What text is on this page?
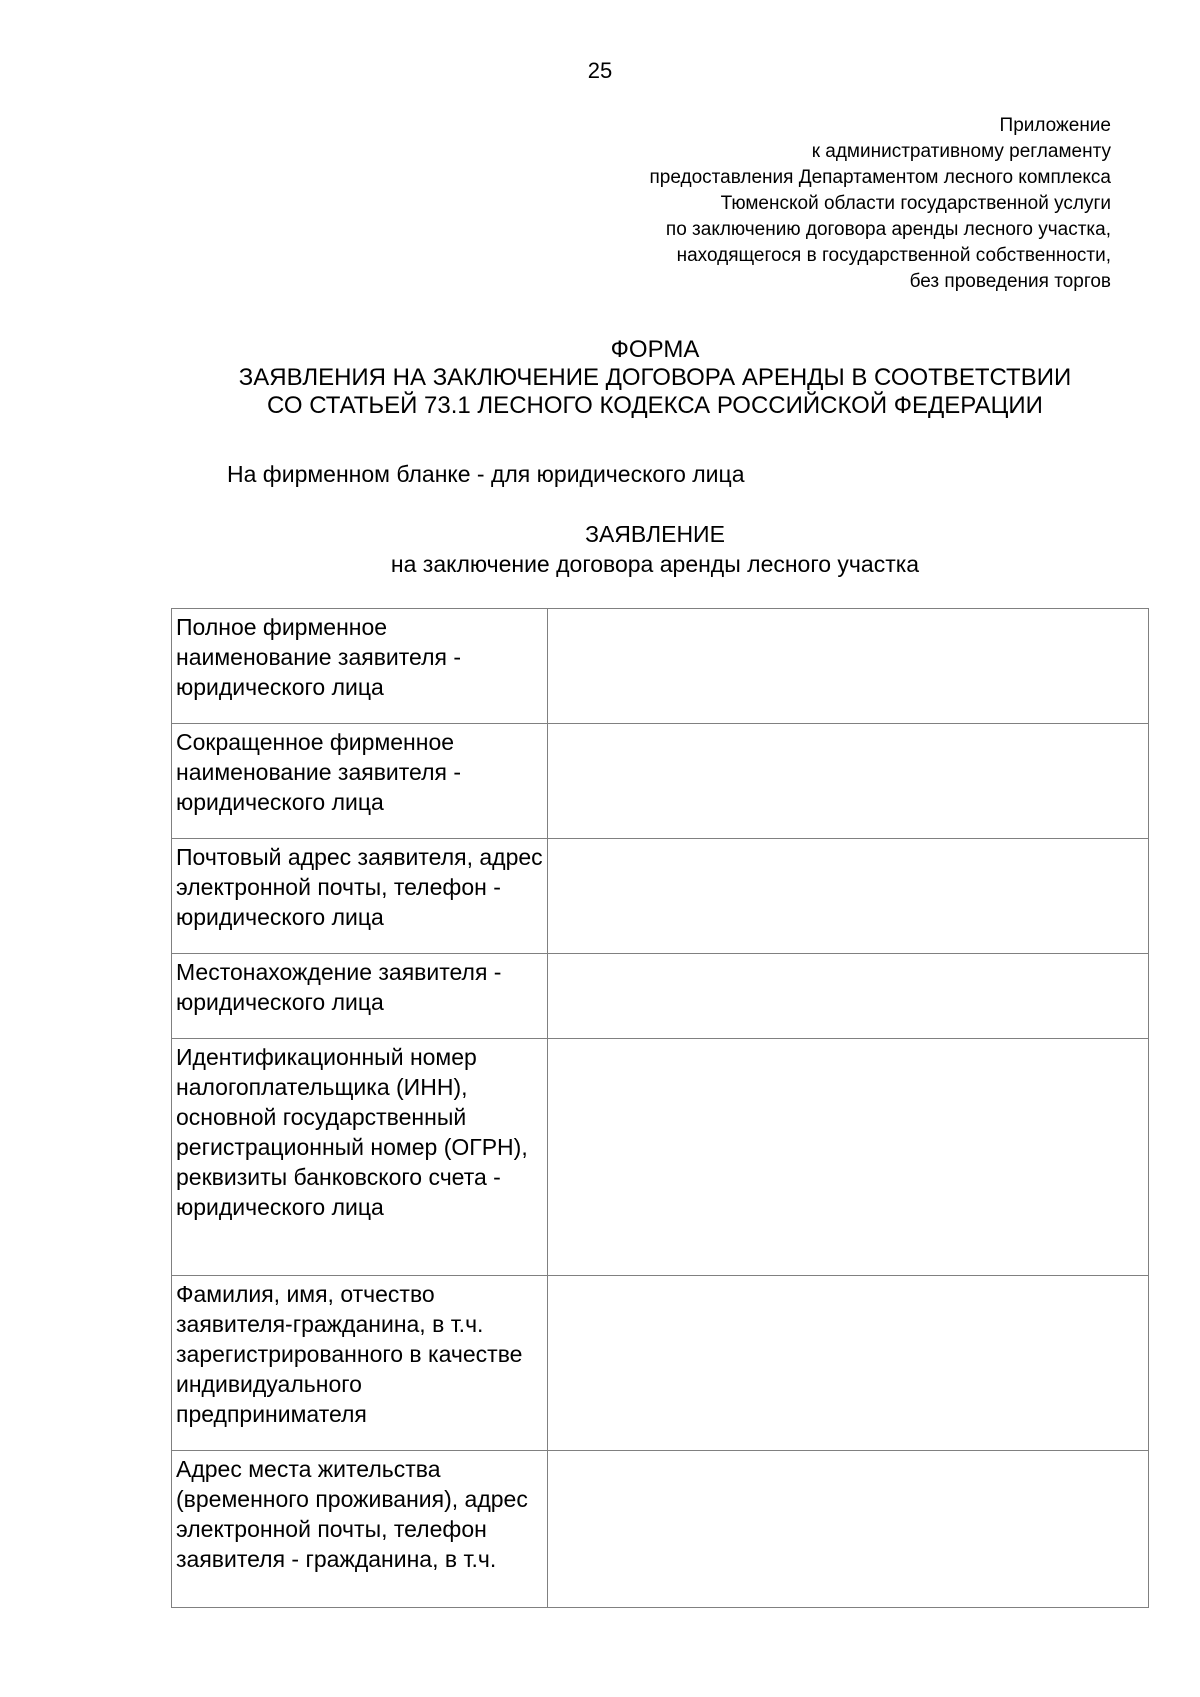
25
Приложение
к административному регламенту
предоставления Департаментом лесного комплекса
Тюменской области государственной услуги
по заключению договора аренды лесного участка,
находящегося в государственной собственности,
без проведения торгов
ФОРМА
ЗАЯВЛЕНИЯ НА ЗАКЛЮЧЕНИЕ ДОГОВОРА АРЕНДЫ В СООТВЕТСТВИИ
СО СТАТЬЕЙ 73.1 ЛЕСНОГО КОДЕКСА РОССИЙСКОЙ ФЕДЕРАЦИИ
На фирменном бланке - для юридического лица
ЗАЯВЛЕНИЕ
на заключение договора аренды лесного участка
Полное фирменное наименование заявителя - юридического лица	
Сокращенное фирменное наименование заявителя - юридического лица	
Почтовый адрес заявителя, адрес электронной почты, телефон - юридического лица	
Местонахождение заявителя - юридического лица	
Идентификационный номер налогоплательщика (ИНН), основной государственный регистрационный номер (ОГРН), реквизиты банковского счета - юридического лица	
Фамилия, имя, отчество заявителя-гражданина, в т.ч. зарегистрированного в качестве индивидуального предпринимателя	
Адрес места жительства (временного проживания), адрес электронной почты, телефон заявителя - гражданина, в т.ч.	
